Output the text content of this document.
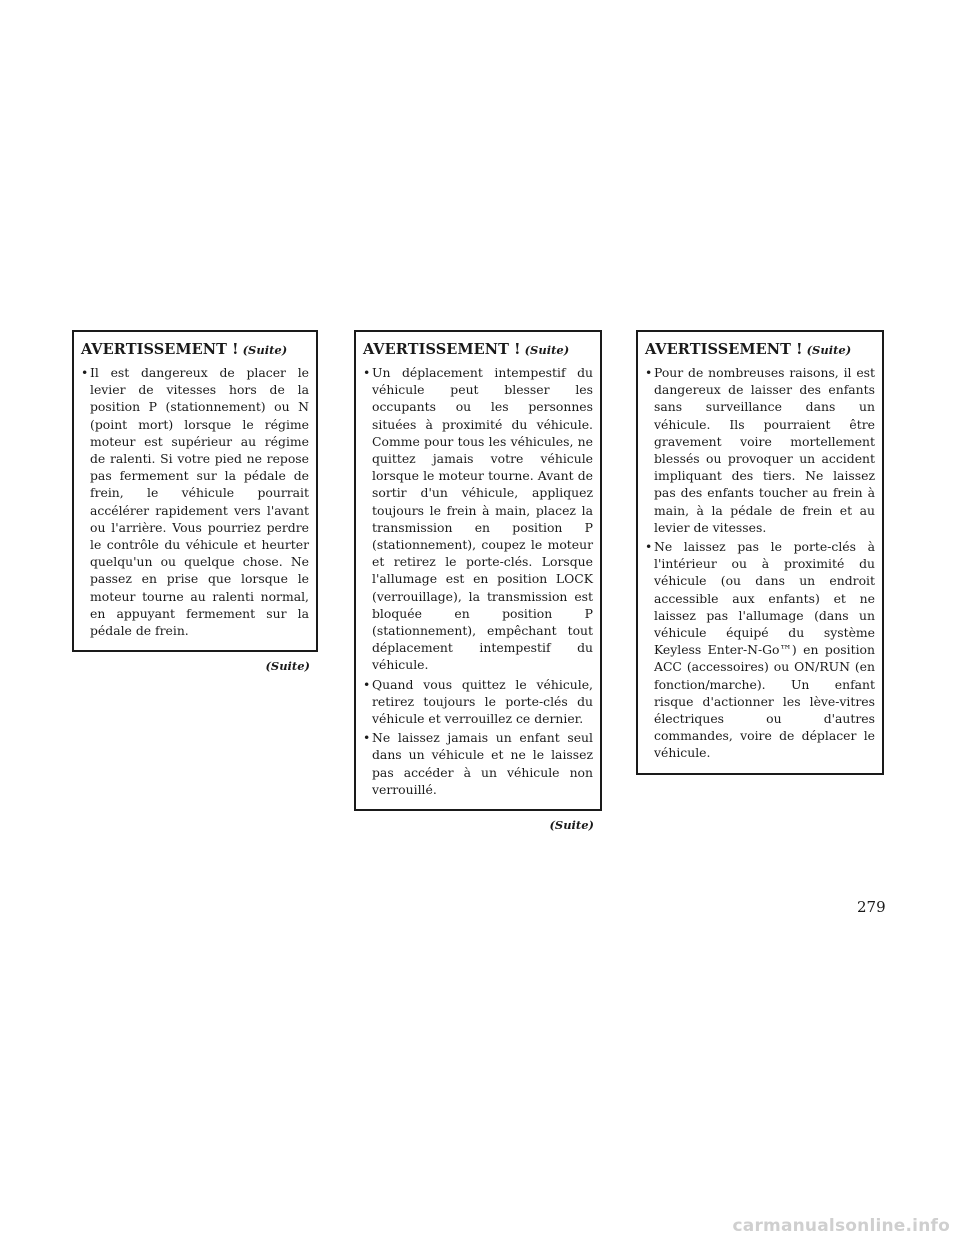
AVERTISSEMENT ! (Suite)
• Il est dangereux de placer le levier de vitesses hors de la position P (stationnement) ou N (point mort) lorsque le régime moteur est supérieur au régime de ralenti. Si votre pied ne repose pas fermement sur la pédale de frein, le véhicule pourrait accélérer rapidement vers l'avant ou l'arrière. Vous pourriez perdre le contrôle du véhicule et heurter quelqu'un ou quelque chose. Ne passez en prise que lorsque le moteur tourne au ralenti normal, en appuyant fermement sur la pédale de frein.
(Suite)
AVERTISSEMENT ! (Suite)
• Un déplacement intempestif du véhicule peut blesser les occupants ou les personnes situées à proximité du véhicule. Comme pour tous les véhicules, ne quittez jamais votre véhicule lorsque le moteur tourne. Avant de sortir d'un véhicule, appliquez toujours le frein à main, placez la transmission en position P (stationnement), coupez le moteur et retirez le porte-clés. Lorsque l'allumage est en position LOCK (verrouillage), la transmission est bloquée en position P (stationnement), empêchant tout déplacement intempestif du véhicule.
• Quand vous quittez le véhicule, retirez toujours le porte-clés du véhicule et verrouillez ce dernier.
• Ne laissez jamais un enfant seul dans un véhicule et ne le laissez pas accéder à un véhicule non verrouillé.
(Suite)
AVERTISSEMENT ! (Suite)
• Pour de nombreuses raisons, il est dangereux de laisser des enfants sans surveillance dans un véhicule. Ils pourraient être gravement voire mortellement blessés ou provoquer un accident impliquant des tiers. Ne laissez pas des enfants toucher au frein à main, à la pédale de frein et au levier de vitesses.
• Ne laissez pas le porte-clés à l'intérieur ou à proximité du véhicule (ou dans un endroit accessible aux enfants) et ne laissez pas l'allumage (dans un véhicule équipé du système Keyless Enter-N-Go™) en position ACC (accessoires) ou ON/RUN (en fonction/marche). Un enfant risque d'actionner les lève-vitres électriques ou d'autres commandes, voire de déplacer le véhicule.
279
carmanualsonline.info
